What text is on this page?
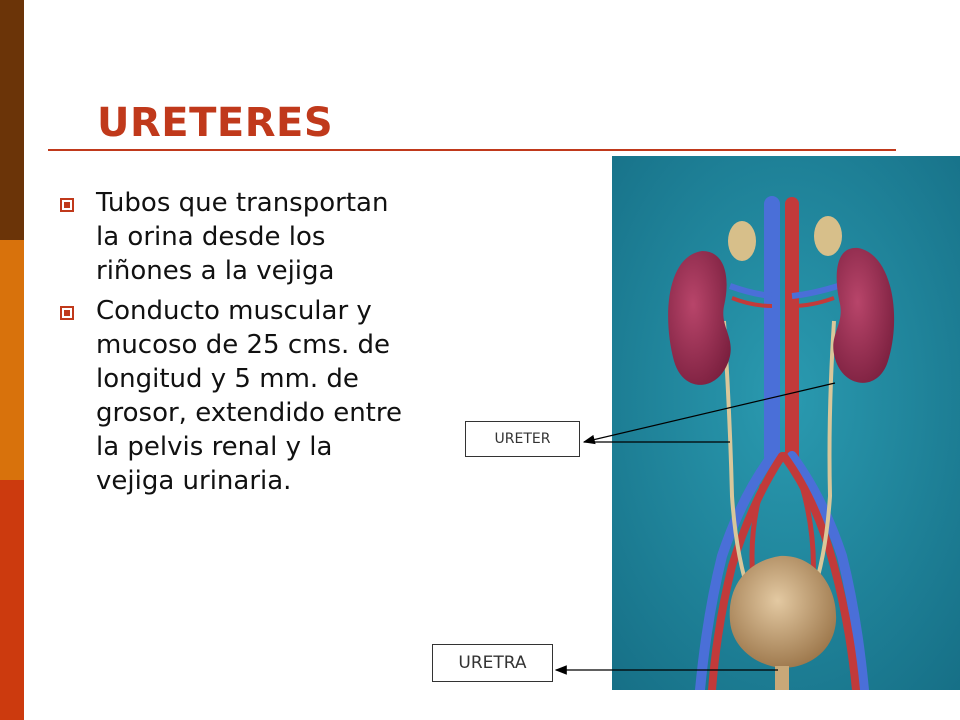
URETERES
Tubos que transportan la orina desde los riñones a la vejiga
Conducto muscular y mucoso de 25 cms. de longitud y 5 mm. de grosor, extendido entre la pelvis renal y la vejiga urinaria.
URETER
URETRA
